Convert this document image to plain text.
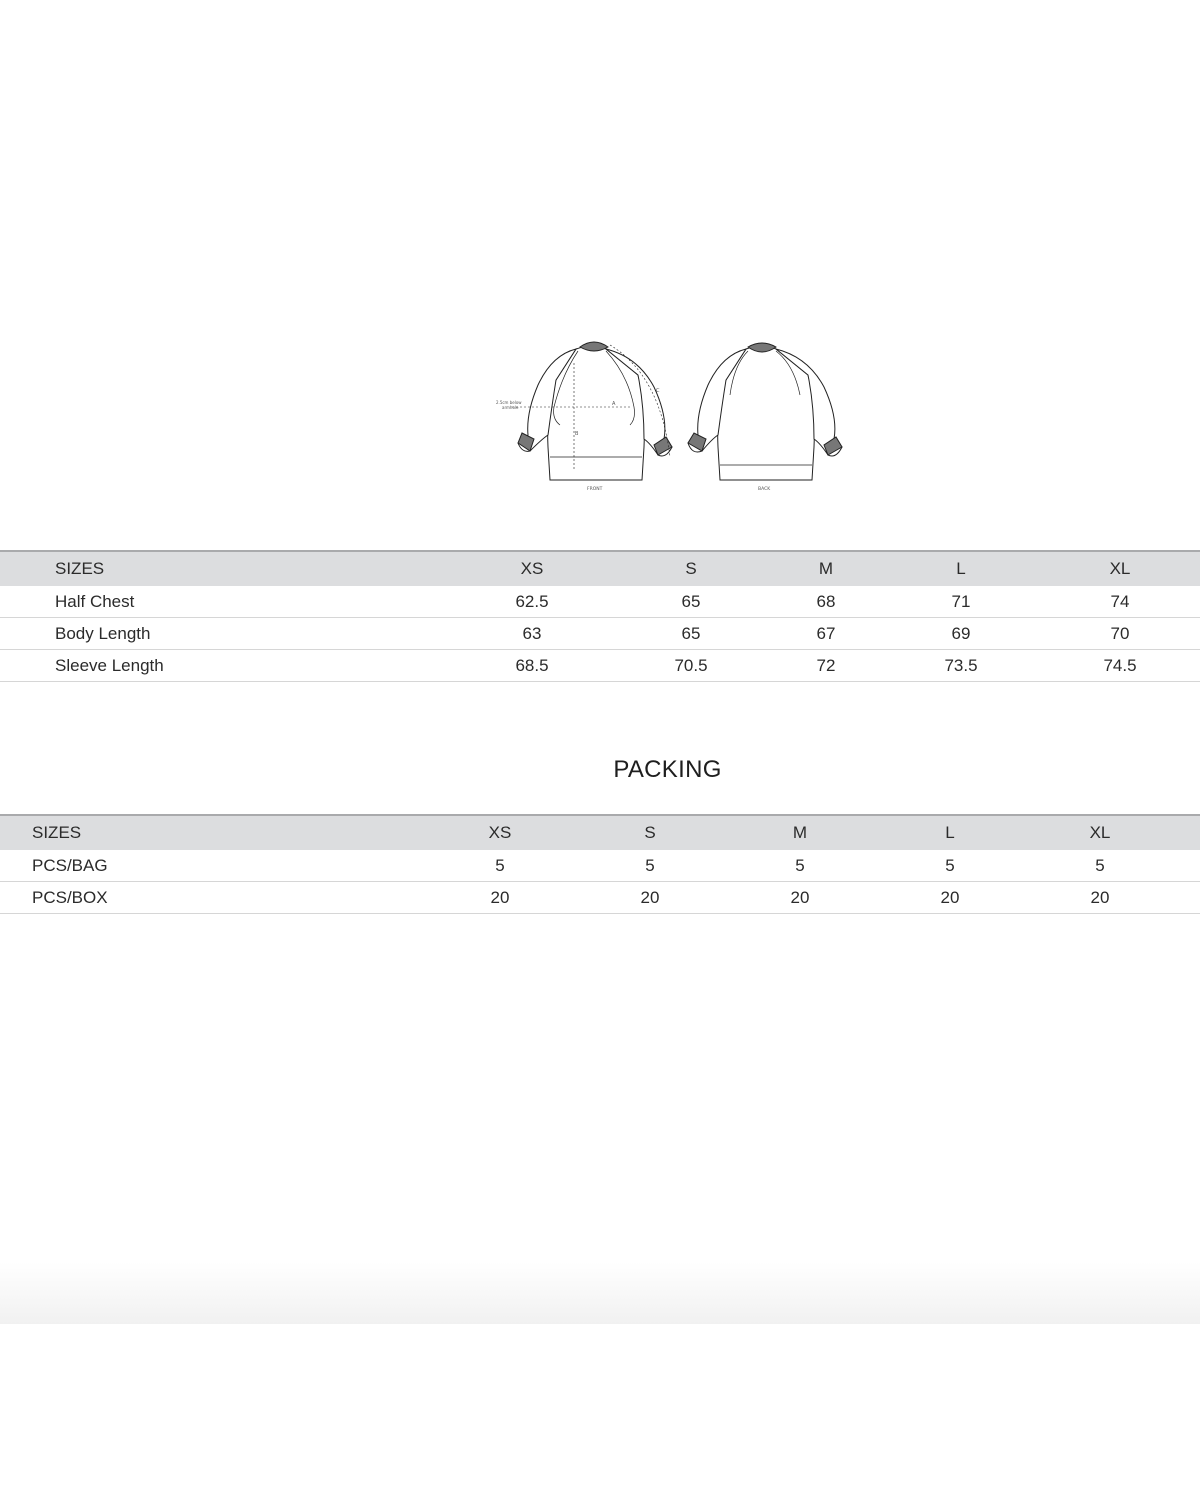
2.5cm below
armhole
A
B
C
FRONT	BACK
SIZES	XS	S	M	L	XL
Half Chest	62.5	65	68	71	74
Body Length	63	65	67	69	70
Sleeve Length	68.5	70.5	72	73.5	74.5
PACKING
SIZES	XS	S	M	L	XL
PCS/BAG	5	5	5	5	5
PCS/BOX	20	20	20	20	20
